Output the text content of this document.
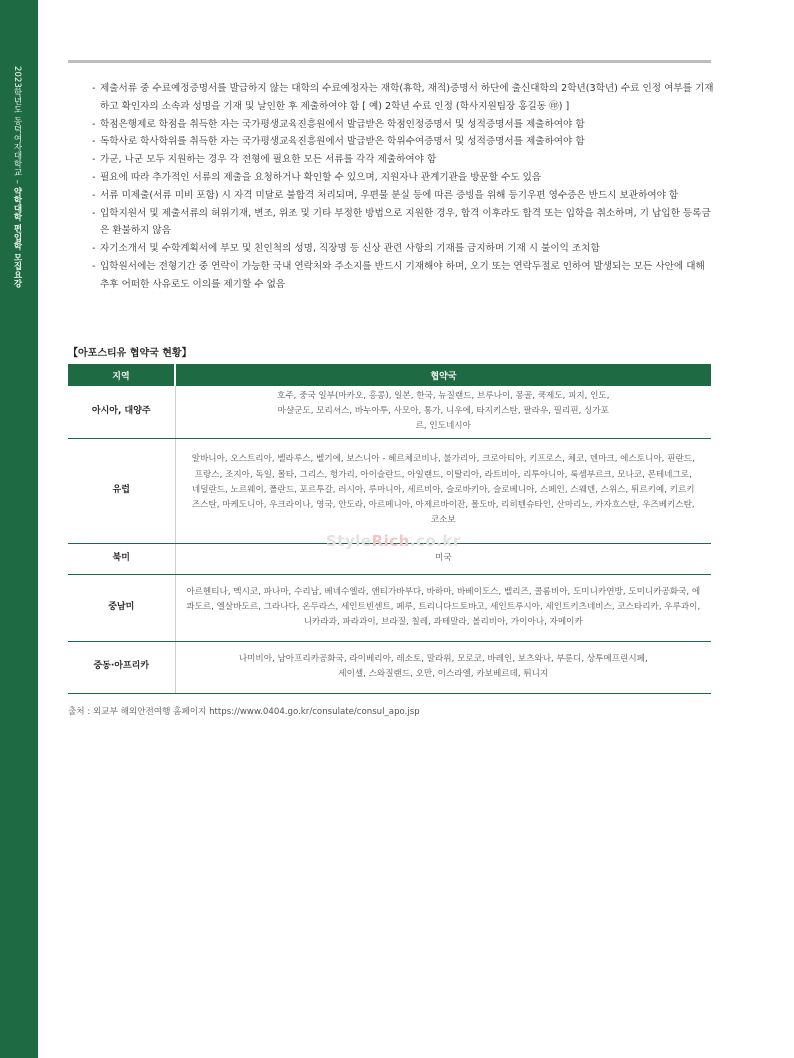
2023학년도 동덕여자대학교 – 약학대학 편입학 모집요강
- 제출서류 중 수료예정증명서를 발급하지 않는 대학의 수료예정자는 재학(휴학, 재적)증명서 하단에 출신대학의 2학년(3학년) 수료 인정 여부를 기재하고 확인자의 소속과 성명을 기재 및 날인한 후 제출하여야 함 [ 예) 2학년 수료 인정 (학사지원팀장 홍길동 ㊞) ]
- 학점은행제로 학점을 취득한 자는 국가평생교육진흥원에서 발급받은 학점인정증명서 및 성적증명서를 제출하여야 함
- 독학사로 학사학위를 취득한 자는 국가평생교육진흥원에서 발급받은 학위수여증명서 및 성적증명서를 제출하여야 함
- 가군, 나군 모두 지원하는 경우 각 전형에 필요한 모든 서류를 각각 제출하여야 함
- 필요에 따라 추가적인 서류의 제출을 요청하거나 확인할 수 있으며, 지원자나 관계기관을 방문할 수도 있음
- 서류 미제출(서류 미비 포함) 시 자격 미달로 불합격 처리되며, 우편물 분실 등에 따른 증빙을 위해 등기우편 영수증은 반드시 보관하여야 함
- 입학지원서 및 제출서류의 허위기재, 변조, 위조 및 기타 부정한 방법으로 지원한 경우, 합격 이후라도 합격 또는 입학을 취소하며, 기 납입한 등록금은 환불하지 않음
- 자기소개서 및 수학계획서에 부모 및 친인척의 성명, 직장명 등 신상 관련 사항의 기재를 금지하며 기재 시 불이익 조치함
- 입학원서에는 전형기간 중 연락이 가능한 국내 연락처와 주소지를 반드시 기재해야 하며, 오기 또는 연락두절로 인하여 발생되는 모든 사안에 대해 추후 어떠한 사유로도 이의를 제기할 수 없음
【아포스티유 협약국 현황】
지역	협약국
아시아, 대양주	호주, 중국 일부(마카오, 홍콩), 일본, 한국, 뉴질랜드, 브루나이, 몽골, 쿡제도, 피지, 인도, 마샬군도, 모리셔스, 바누아투, 사모아, 통가, 니우에, 타지키스탄, 팔라우, 필리핀, 싱가포르, 인도네시아
유럽	알바니아, 오스트리아, 벨라루스, 벨기에, 보스니아 - 헤르체코비나, 불가리아, 크로아티아, 키프로스, 체코, 덴마크, 에스토니아, 핀란드, 프랑스, 조지아, 독일, 몰타, 그리스, 헝가리, 아이슬란드, 아일랜드, 이탈리아, 라트비아, 리투아니아, 룩셈부르크, 모나코, 몬테네그로, 네덜란드, 노르웨이, 폴란드, 포르투갈, 러시아, 루마니아, 세르비아, 슬로바키아, 슬로베니아, 스페인, 스웨덴, 스위스, 튀르키예, 키르키즈스탄, 마케도니아, 우크라이나, 영국, 안도라, 아르메니아, 아제르바이잔, 몰도바, 리히텐슈타인, 산마리노, 카자흐스탄, 우즈베키스탄, 코소보
북미	미국
중남미	아르헨티나, 멕시코, 파나마, 수리남, 베네수엘라, 앤티가바부다, 바하마, 바베이도스, 벨리즈, 콜롬비아, 도미니카연방, 도미니카공화국, 에콰도르, 엘살바도르, 그라나다, 온두라스, 세인트빈센트, 페루, 트리니다드토바고, 세인트루시아, 세인트키츠네비스, 코스타리카, 우루과이, 니카라과, 파라과이, 브라질, 칠레, 과테말라, 볼리비아, 가이아나, 자메이카
중동·아프리카	나미비아, 남아프리카공화국, 라이베리아, 레소토, 말라위, 모로코, 바레인, 보츠와나, 부룬디, 상투메프린시페, 세이셸, 스와질랜드, 오만, 이스라엘, 카보베르데, 튀니지
StyleRich.co.kr
출처 : 외교부 해외안전여행 홈페이지 https://www.0404.go.kr/consulate/consul_apo.jsp
